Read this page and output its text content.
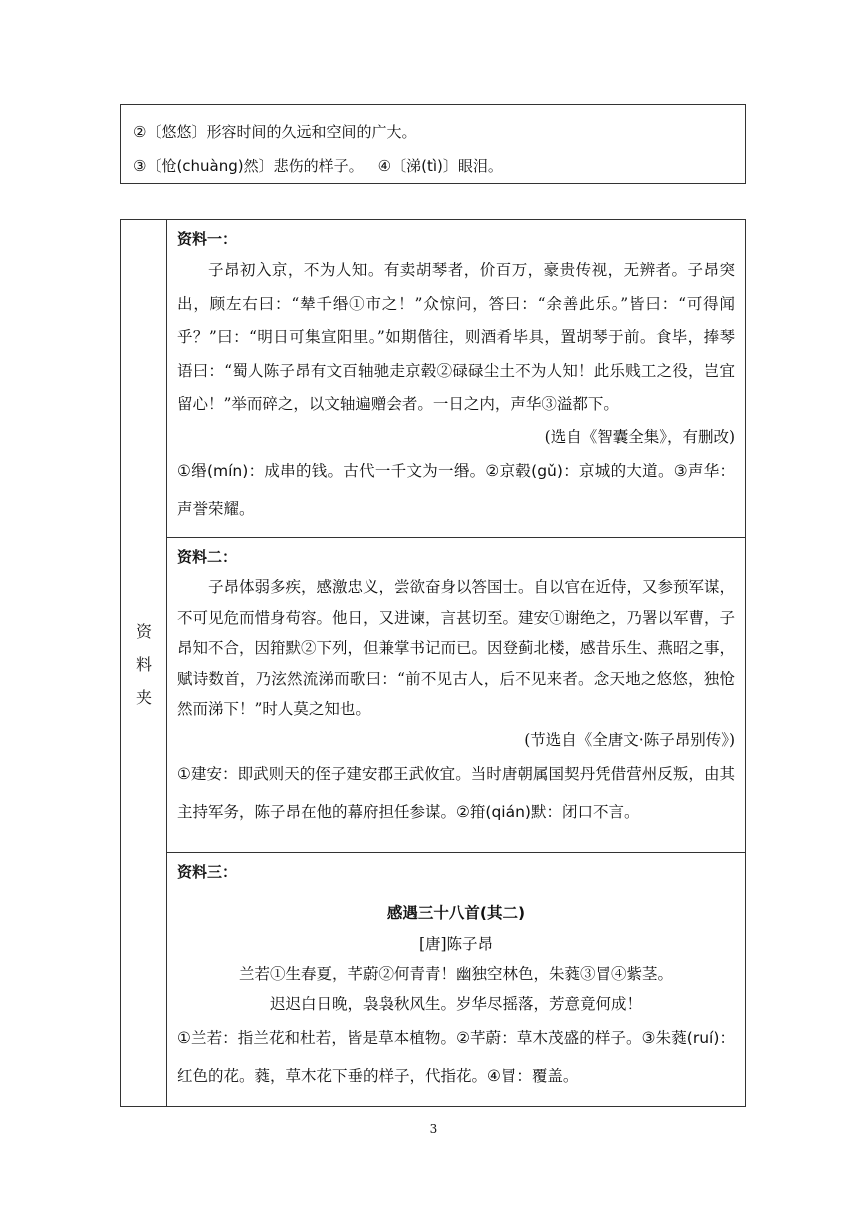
②〔悠悠〕形容时间的久远和空间的广大。
③〔怆(chuàng)然〕悲伤的样子。 ④〔涕(tì)〕眼泪。
资
料
夹
资料一：

子昂初入京，不为人知。有卖胡琴者，价百万，豪贵传视，无辨者。子昂突出，顾左右曰：“辇千缗①市之！”众惊问，答曰：“余善此乐。”皆曰：“可得闻乎？”曰：“明日可集宣阳里。”如期偕往，则酒肴毕具，置胡琴于前。食毕，捧琴语曰：“蜀人陈子昂有文百轴驰走京毂②碌碌尘土不为人知！此乐贱工之役，岂宜留心！”举而碎之，以文轴遍赠会者。一日之内，声华③溢都下。

(选自《智囊全集》，有删改)

①缗(mín)：成串的钱。古代一千文为一缗。②京毂(gǔ)：京城的大道。③声华：声誉荣耀。

资料二：

子昂体弱多疾，感激忠义，尝欲奋身以答国士。自以官在近侍，又参预军谋，不可见危而惜身苟容。他日，又进谏，言甚切至。建安①谢绝之，乃署以军曹，子昂知不合，因箝默②下列，但兼掌书记而已。因登蓟北楼，感昔乐生、燕昭之事，赋诗数首，乃泫然流涕而歌曰：“前不见古人，后不见来者。念天地之悠悠，独怆然而涕下！”时人莫之知也。

(节选自《全唐文·陈子昂别传》)

①建安：即武则天的侄子建安郡王武攸宜。当时唐朝属国契丹凭借营州反叛，由其主持军务，陈子昂在他的幕府担任参谋。②箝(qián)默：闭口不言。

资料三：
感遇三十八首(其二)
[唐]陈子昂
兰若①生春夏，芊蔚②何青青！幽独空林色，朱蕤③冒④紫茎。
迟迟白日晚，袅袅秋风生。岁华尽摇落，芳意竟何成！

①兰若：指兰花和杜若，皆是草本植物。②芊蔚：草木茂盛的样子。③朱蕤(ruí)：红色的花。蕤，草木花下垂的样子，代指花。④冒：覆盖。

3
